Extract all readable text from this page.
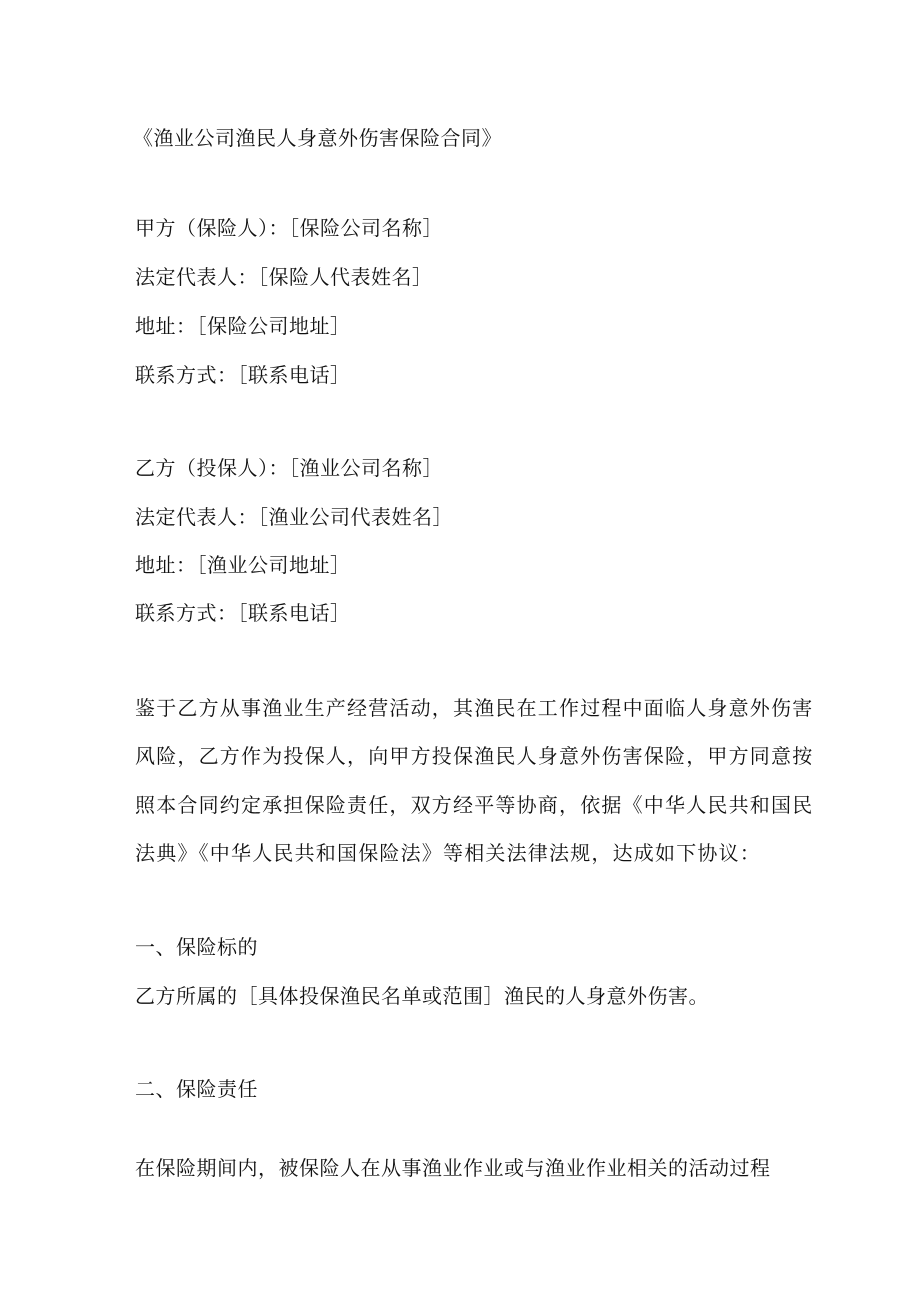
《渔业公司渔民人身意外伤害保险合同》
甲方（保险人）：［保险公司名称］
法定代表人：［保险人代表姓名］
地址：［保险公司地址］
联系方式：［联系电话］
乙方（投保人）：［渔业公司名称］
法定代表人：［渔业公司代表姓名］
地址：［渔业公司地址］
联系方式：［联系电话］
鉴于乙方从事渔业生产经营活动，其渔民在工作过程中面临人身意外伤害
风险，乙方作为投保人，向甲方投保渔民人身意外伤害保险，甲方同意按
照本合同约定承担保险责任，双方经平等协商，依据《中华人民共和国民
法典》《中华人民共和国保险法》等相关法律法规，达成如下协议：
一、保险标的
乙方所属的［具体投保渔民名单或范围］渔民的人身意外伤害。
二、保险责任
在保险期间内，被保险人在从事渔业作业或与渔业作业相关的活动过程
